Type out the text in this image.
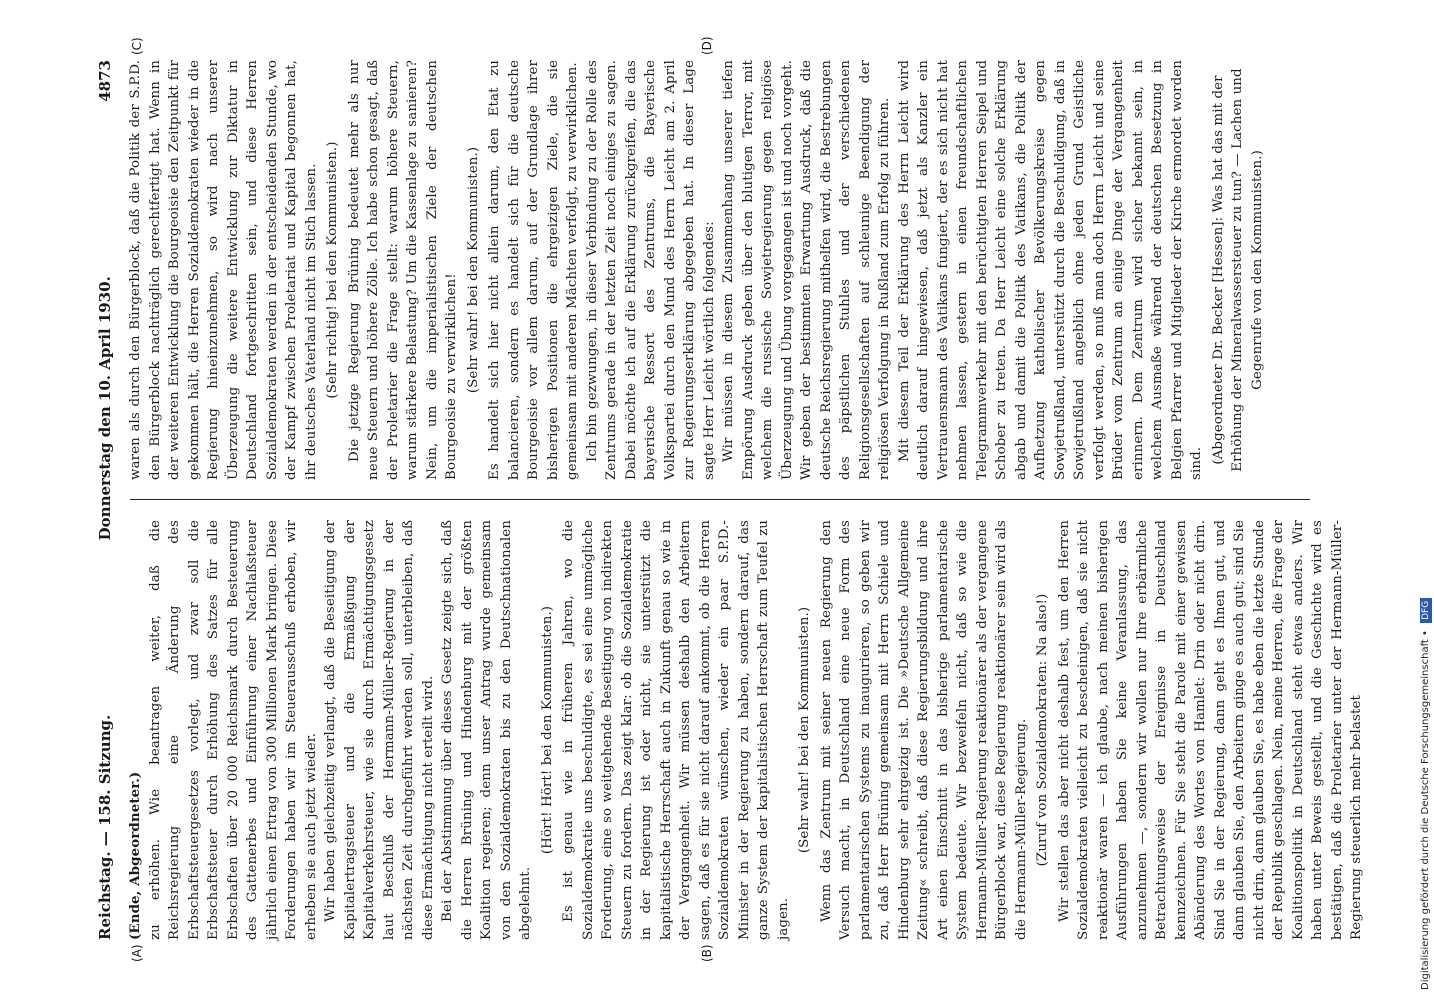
Reichstag. — 158. Sitzung.
Donnerstag den 10. April 1930.
4873

(Ende, Abgeordneter.) zu erhöhen. Wie beantragen weiter, daß die Reichsregierung eine Änderung des Erbschaftsteuergesetzes vorlegt, und zwar soll die Erbschaftsteuer durch Erhöhung des Satzes für alle Erbschaften über 20 000 Reichsmark durch Besteuerung des Gattenerbes und Einführung einer Nachlaßsteuer jährlich einen Ertrag von 300 Millionen Mark bringen. Diese Forderungen haben wir im Steuerausschuß erhoben, wir erheben sie auch jetzt wieder. Wir haben gleichzeitig verlangt, daß die Beseitigung der Kapitalertragsteuer und die Ermäßigung der Kapitalverkehrsteuer, wie sie durch Ermächtigungsgesetz laut Beschluß der Hermann-Müller-Regierung in der nächsten Zeit durchgeführt werden soll, unterbleiben, daß diese Ermächtigung nicht erteilt wird. Bei der Abstimmung über dieses Gesetz zeigte sich, daß die Herren Brüning und Hindenburg mit der größten Koalition regieren; denn unser Antrag wurde gemeinsam von den Sozialdemokraten bis zu den Deutschnationalen abgelehnt.

(Hört! Hört! bei den Kommunisten.) Es ist genau wie in früheren Jahren, wo die Sozialdemokratie uns beschuldigte, es sei eine unmögliche Forderung, eine so weitgehende Beseitigung von indirekten Steuern zu fordern. Das zeigt klar: ob die Sozialdemokratie in der Regierung ist oder nicht, sie unterstützt die kapitalistische Herrschaft auch in Zukunft genau so wie in der Vergangenheit. Wir müssen deshalb den Arbeitern sagen, daß es für sie nicht darauf ankommt, ob die Herren Sozialdemokraten wünschen, wieder ein paar S.P.D.-Minister in der Regierung zu haben, sondern darauf, das ganze System der kapitalistischen Herrschaft zum Teufel zu jagen.

(Sehr wahr! bei den Kommunisten.) Wenn das Zentrum mit seiner neuen Regierung den Versuch macht, in Deutschland eine neue Form des parlamentarischen Systems zu inaugurieren, so geben wir zu, daß Herr Brüning gemeinsam mit Herrn Schiele und Hindenburg sehr ehrgeizig ist. Die »Deutsche Allgemeine Zeitung« schreibt, daß diese Regierungsbildung und ihre Art einen Einschnitt in das bisherige parlamentarische System bedeute. Wir bezweifeln nicht, daß so wie die Hermann-Müller-Regierung reaktionärer als der vergangene Bürgerblock war, diese Regierung reaktionärer sein wird als die Hermann-Müller-Regierung. (Zuruf von Sozialdemokraten: Na also!) Wir stellen das aber nicht deshalb fest, um den Herren Sozialdemokraten vielleicht zu bescheinigen, daß sie nicht reaktionär waren — ich glaube, nach meinen bisherigen Ausführungen haben Sie keine Veranlassung, das anzunehmen —, sondern wir wollen nur Ihre erbärmliche Betrachtungsweise der Ereignisse in Deutschland kennzeichnen. Für Sie steht die Parole mit einer gewissen Abänderung des Wortes von Hamlet: Drin oder nicht drin. Sind Sie in der Regierung, dann geht es Ihnen gut, und dann glauben Sie, den Arbeitern ginge es auch gut; sind Sie nicht drin, dann glauben Sie, es habe eben die letzte Stunde der Republik geschlagen. Nein, meine Herren, die Frage der Koalitionspolitik in Deutschland steht etwas anders. Wir haben unter Beweis gestellt, und die Geschichte wird es bestätigen, daß die Proletarier unter der Hermann-Müller-Regierung steuerlich mehr belastet

waren als durch den Bürgerblock, daß die Politik der S.P.D. den Bürgerblock nachträglich gerechtfertigt hat. Wenn in der weiteren Entwicklung die Bourgeoisie den Zeitpunkt für gekommen hält, die Herren Sozialdemokraten wieder in die Regierung hineinzunehmen, so wird nach unserer Überzeugung die weitere Entwicklung zur Diktatur in Deutschland fortgeschritten sein, und diese Herren Sozialdemokraten werden in der entscheidenden Stunde, wo der Kampf zwischen Proletariat und Kapital begonnen hat, ihr deutsches Vaterland nicht im Stich lassen. (Sehr richtig! bei den Kommunisten.) Die jetzige Regierung Brüning bedeutet mehr als nur neue Steuern und höhere Zölle. Ich habe schon gesagt, daß der Proletarier die Frage stellt: warum höhere Steuern, warum stärkere Belastung? Um die Kassenlage zu sanieren? Nein, um die imperialistischen Ziele der deutschen Bourgeoisie zu verwirklichen! (Sehr wahr! bei den Kommunisten.) Es handelt sich hier nicht allein darum, den Etat zu balancieren, sondern es handelt sich für die deutsche Bourgeoisie vor allem darum, auf der Grundlage ihrer bisherigen Positionen die ehrgeizigen Ziele, die sie gemeinsam mit anderen Mächten verfolgt, zu verwirklichen. Ich bin gezwungen, in dieser Verbindung zu der Rolle des Zentrums gerade in der letzten Zeit noch einiges zu sagen. Dabei möchte ich auf die Erklärung zurückgreifen, die das bayerische Ressort des Zentrums, die Bayerische Volkspartei durch den Mund des Herrn Leicht am 2. April zur Regierungserklärung abgegeben hat. In dieser Lage sagte Herr Leicht wörtlich folgendes: Wir müssen in diesem Zusammenhang unserer tiefen Empörung Ausdruck geben über den blutigen Terror, mit welchem die russische Sowjetregierung gegen religiöse Überzeugung und Übung vorgegangen ist und noch vorgeht. Wir geben der bestimmten Erwartung Ausdruck, daß die deutsche Reichsregierung mithelfen wird, die Bestrebungen des päpstlichen Stuhles und der verschiedenen Religionsgesellschaften auf schleunige Beendigung der religiösen Verfolgung in Rußland zum Erfolg zu führen. Mit diesem Teil der Erklärung des Herrn Leicht wird deutlich darauf hingewiesen, daß jetzt als Kanzler ein Vertrauensmann des Vatikans fungiert, der es sich nicht hat nehmen lassen, gestern in einen freundschaftlichen Telegrammverkehr mit den berüchtigten Herren Seipel und Schober zu treten. Da Herr Leicht eine solche Erklärung abgab und damit die Politik des Vatikans, die Politik der Aufhetzung katholischer Bevölkerungskreise gegen Sowjetrußland, unterstützt durch die Beschuldigung, daß in Sowjetrußland angeblich ohne jeden Grund Geistliche verfolgt werden, so muß man doch Herrn Leicht und seine Brüder vom Zentrum an einige Dinge der Vergangenheit erinnern. Dem Zentrum wird sicher bekannt sein, in welchem Ausmaße während der deutschen Besetzung in Belgien Pfarrer und Mitglieder der Kirche ermordet worden sind. (Abgeordneter Dr. Becker [Hessen]: Was hat das mit der Erhöhung der Mineralwassersteuer zu tun? — Lachen und Gegenrufe von den Kommunisten.)

(A)	(B)
(C)	(D)
Digitalisierung gefördert durch die Deutsche Forschungsgemeinschaft • DFG
